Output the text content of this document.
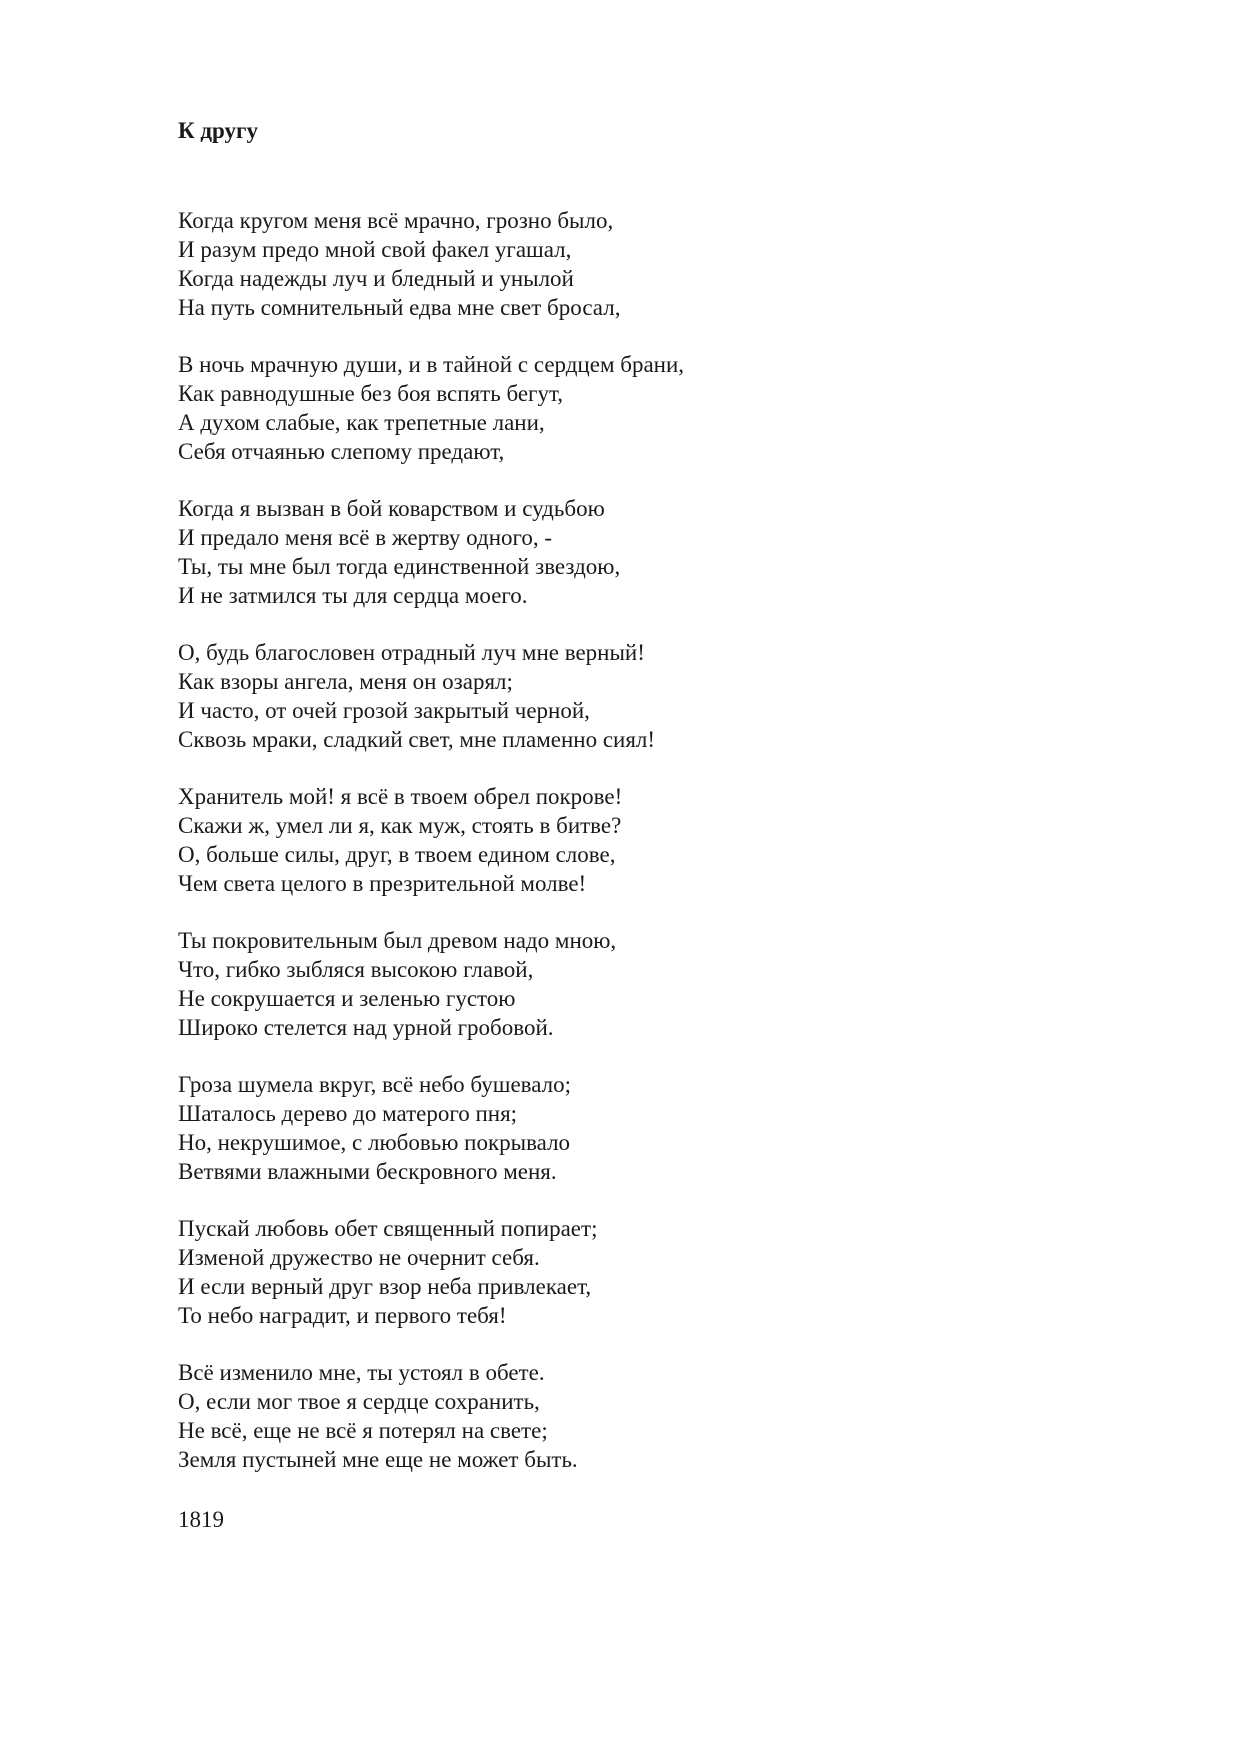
К другу
Когда кругом меня всё мрачно, грозно было,
И разум предо мной свой факел угашал,
Когда надежды луч и бледный и унылой
На путь сомнительный едва мне свет бросал,
В ночь мрачную души, и в тайной с сердцем брани,
Как равнодушные без боя вспять бегут,
А духом слабые, как трепетные лани,
Себя отчаянью слепому предают,
Когда я вызван в бой коварством и судьбою
И предало меня всё в жертву одного, -
Ты, ты мне был тогда единственной звездою,
И не затмился ты для сердца моего.
О, будь благословен отрадный луч мне верный!
Как взоры ангела, меня он озарял;
И часто, от очей грозой закрытый черной,
Сквозь мраки, сладкий свет, мне пламенно сиял!
Хранитель мой! я всё в твоем обрел покрове!
Скажи ж, умел ли я, как муж, стоять в битве?
О, больше силы, друг, в твоем едином слове,
Чем света целого в презрительной молве!
Ты покровительным был древом надо мною,
Что, гибко зыбляся высокою главой,
Не сокрушается и зеленью густою
Широко стелется над урной гробовой.
Гроза шумела вкруг, всё небо бушевало;
Шаталось дерево до матерого пня;
Но, некрушимое, с любовью покрывало
Ветвями влажными бескровного меня.
Пускай любовь обет священный попирает;
Изменой дружество не очернит себя.
И если верный друг взор неба привлекает,
То небо наградит, и первого тебя!
Всё изменило мне, ты устоял в обете.
О, если мог твое я сердце сохранить,
Не всё, еще не всё я потерял на свете;
Земля пустыней мне еще не может быть.
1819
